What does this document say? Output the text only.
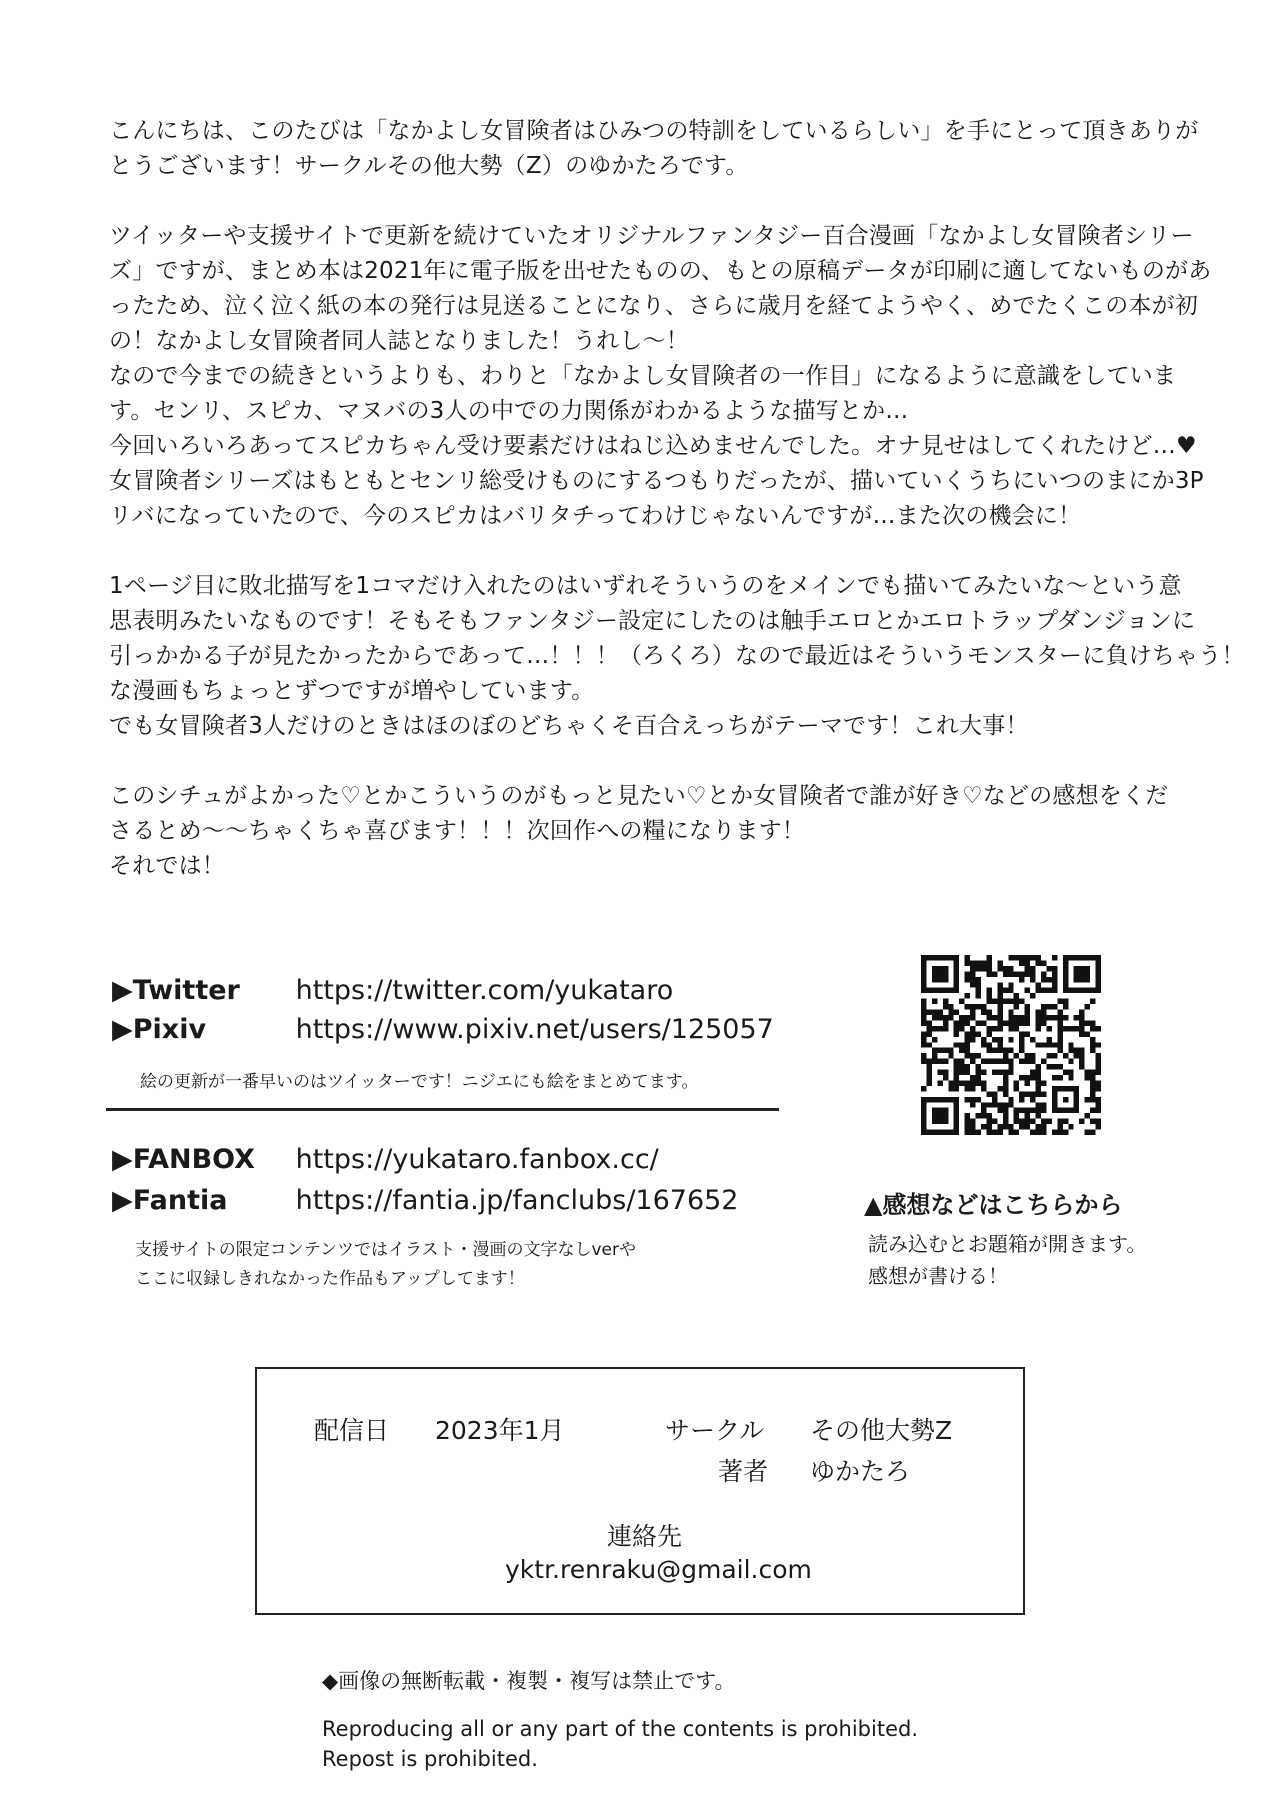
こんにちは、このたびは「なかよし女冒険者はひみつの特訓をしているらしい」を手にとって頂きありが
とうございます！サークルその他大勢（Z）のゆかたろです。

ツイッターや支援サイトで更新を続けていたオリジナルファンタジー百合漫画「なかよし女冒険者シリー
ズ」ですが、まとめ本は2021年に電子版を出せたものの、もとの原稿データが印刷に適してないものがあ
ったため、泣く泣く紙の本の発行は見送ることになり、さらに歳月を経てようやく、めでたくこの本が初
の！なかよし女冒険者同人誌となりました！うれし〜！
なので今までの続きというよりも、わりと「なかよし女冒険者の一作目」になるように意識をしていま
す。センリ、スピカ、マヌバの3人の中での力関係がわかるような描写とか…
今回いろいろあってスピカちゃん受け要素だけはねじ込めませんでした。オナ見せはしてくれたけど…♥
女冒険者シリーズはもともとセンリ総受けものにするつもりだったが、描いていくうちにいつのまにか3P
リバになっていたので、今のスピカはバリタチってわけじゃないんですが…また次の機会に！

1ページ目に敗北描写を1コマだけ入れたのはいずれそういうのをメインでも描いてみたいな〜という意
思表明みたいなものです！そもそもファンタジー設定にしたのは触手エロとかエロトラップダンジョンに
引っかかる子が見たかったからであって…！！！（ろくろ）なので最近はそういうモンスターに負けちゃう！
な漫画もちょっとずつですが増やしています。
でも女冒険者3人だけのときはほのぼのどちゃくそ百合えっちがテーマです！これ大事！

このシチュがよかった♡とかこういうのがもっと見たい♡とか女冒険者で誰が好き♡などの感想をくだ
さるとめ〜〜ちゃくちゃ喜びます！！！次回作への糧になります！
それでは！

▶Twitter https://twitter.com/yukataro
▶Pixiv	https://www.pixiv.net/users/125057
絵の更新が一番早いのはツイッターです！ニジエにも絵をまとめてます。
▶FANBOX https://yukataro.fanbox.cc/
▶Fantia	https://fantia.jp/fanclubs/167652
支援サイトの限定コンテンツではイラスト・漫画の文字なしverや
ここに収録しきれなかった作品もアップしてます！
▲感想などはこちらから
読み込むとお題箱が開きます。
感想が書ける！
配信日 2023年1月	サークル その他大勢Z
著者 ゆかたろ
連絡先
yktr.renraku@gmail.com
◆画像の無断転載・複製・複写は禁止です。
Reproducing all or any part of the contents is prohibited.
Repost is prohibited.
